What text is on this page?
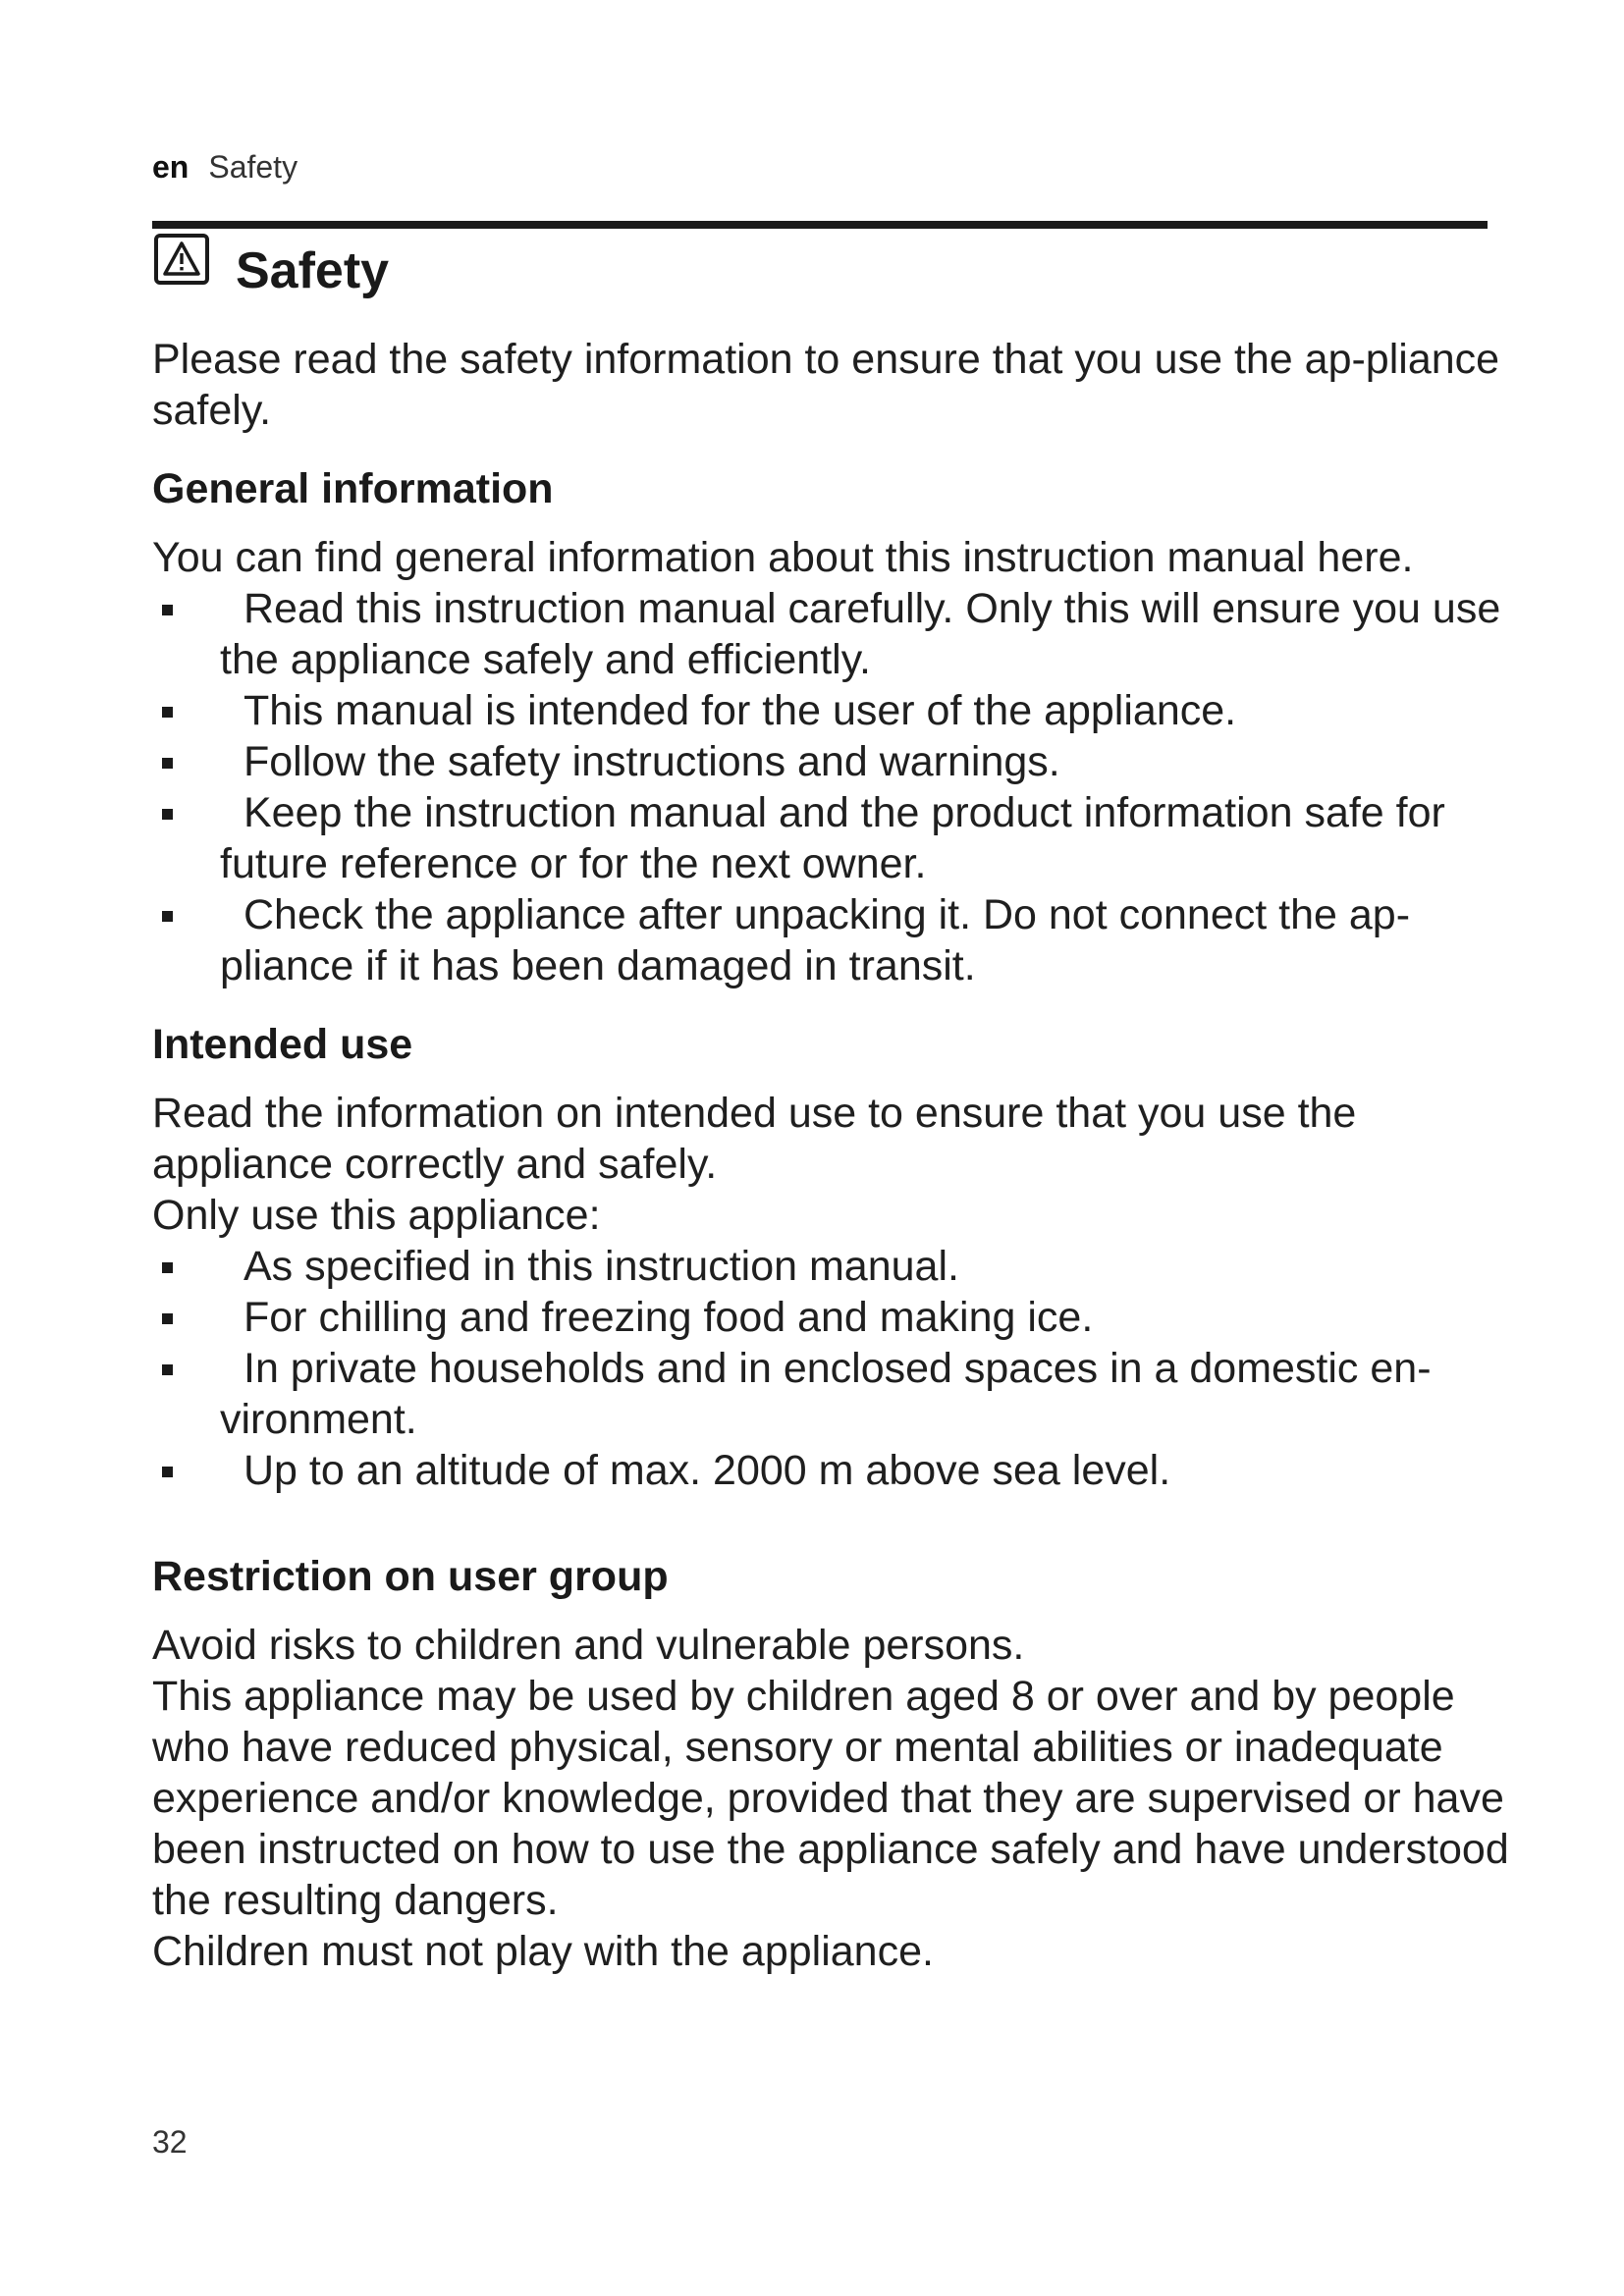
en Safety
Safety

Please read the safety information to ensure that you use the ap-pliance safely.

General information

You can find general information about this instruction manual here.

Read this instruction manual carefully. Only this will ensure you use the appliance safely and efficiently.
This manual is intended for the user of the appliance.
Follow the safety instructions and warnings.
Keep the instruction manual and the product information safe for future reference or for the next owner.
Check the appliance after unpacking it. Do not connect the ap-pliance if it has been damaged in transit.
Intended use

Read the information on intended use to ensure that you use the appliance correctly and safely.

Only use this appliance:

As specified in this instruction manual.
For chilling and freezing food and making ice.
In private households and in enclosed spaces in a domestic en-vironment.
Up to an altitude of max. 2000 m above sea level.
Restriction on user group

Avoid risks to children and vulnerable persons.

This appliance may be used by children aged 8 or over and by people who have reduced physical, sensory or mental abilities or inadequate experience and/or knowledge, provided that they are supervised or have been instructed on how to use the appliance safely and have understood the resulting dangers.

Children must not play with the appliance.

32
